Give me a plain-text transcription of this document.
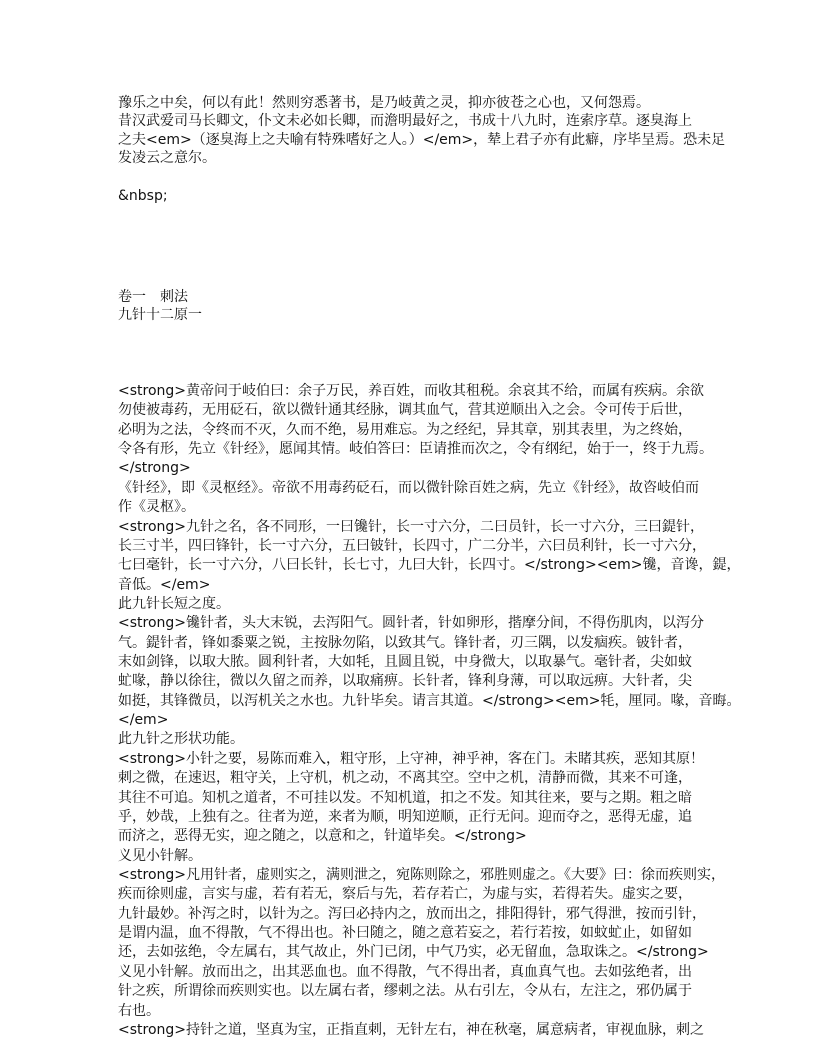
豫乐之中矣，何以有此！然则穷悉著书，是乃岐黄之灵，抑亦彼苍之心也，又何怨焉。
昔汉武爱司马长卿文，仆文未必如长卿，而澹明最好之，书成十八九时，连索序草。逐臭海上
之夫<em>（逐臭海上之夫喻有特殊嗜好之人。）</em>，辇上君子亦有此癖，序毕呈焉。恐未足
发凌云之意尔。
&nbsp;
卷一　刺法
九针十二原一
<strong>黄帝问于岐伯曰：余子万民，养百姓，而收其租税。余哀其不给，而属有疾病。余欲
勿使被毒药，无用砭石，欲以微针通其经脉，调其血气，营其逆顺出入之会。令可传于后世，
必明为之法，令终而不灭，久而不绝，易用难忘。为之经纪，异其章，别其表里，为之终始，
令各有形，先立《针经》，愿闻其情。岐伯答曰：臣请推而次之，令有纲纪，始于一，终于九焉。
</strong>
《针经》，即《灵枢经》。帝欲不用毒药砭石，而以微针除百姓之病，先立《针经》，故咨岐伯而
作《灵枢》。
<strong>九针之名，各不同形，一曰镵针，长一寸六分，二曰员针，长一寸六分，三曰鍉针，
长三寸半，四曰锋针，长一寸六分，五曰铍针，长四寸，广二分半，六曰员利针，长一寸六分，
七曰毫针，长一寸六分，八曰长针，长七寸，九曰大针，长四寸。</strong><em>镵，音谗，鍉，
音低。</em>
此九针长短之度。
<strong>镵针者，头大末锐，去泻阳气。圆针者，针如卵形，揩摩分间，不得伤肌肉，以泻分
气。鍉针者，锋如黍粟之锐，主按脉勿陷，以致其气。锋针者，刃三隅，以发痼疾。铍针者，
末如剑锋，以取大脓。圆利针者，大如牦，且圆且锐，中身微大，以取暴气。毫针者，尖如蚊
虻喙，静以徐往，微以久留之而养，以取痛痹。长针者，锋利身薄，可以取远痹。大针者，尖
如挺，其锋微员，以泻机关之水也。九针毕矣。请言其道。</strong><em>牦，厘同。喙，音晦。
</em>
此九针之形状功能。
<strong>小针之要，易陈而难入，粗守形，上守神，神乎神，客在门。未睹其疾，恶知其原！
刺之微，在速迟，粗守关，上守机，机之动，不离其空。空中之机，清静而微，其来不可逢，
其往不可追。知机之道者，不可挂以发。不知机道，扣之不发。知其往来，要与之期。粗之暗
乎，妙哉，上独有之。往者为逆，来者为顺，明知逆顺，正行无问。迎而夺之，恶得无虚，追
而济之，恶得无实，迎之随之，以意和之，针道毕矣。</strong>
义见小针解。
<strong>凡用针者，虚则实之，满则泄之，宛陈则除之，邪胜则虚之。《大要》曰：徐而疾则实，
疾而徐则虚，言实与虚，若有若无，察后与先，若存若亡，为虚与实，若得若失。虚实之要，
九针最妙。补泻之时，以针为之。泻曰必持内之，放而出之，排阳得针，邪气得泄，按而引针，
是谓内温，血不得散，气不得出也。补曰随之，随之意若妄之，若行若按，如蚊虻止，如留如
还，去如弦绝，令左属右，其气故止，外门已闭，中气乃实，必无留血，急取诛之。</strong>
义见小针解。放而出之，出其恶血也。血不得散，气不得出者，真血真气也。去如弦绝者，出
针之疾，所谓徐而疾则实也。以左属右者，缪刺之法。从右引左，令从右，左注之，邪仍属于
右也。
<strong>持针之道，坚真为宝，正指直刺，无针左右，神在秋毫，属意病者，审视血脉，刺之
